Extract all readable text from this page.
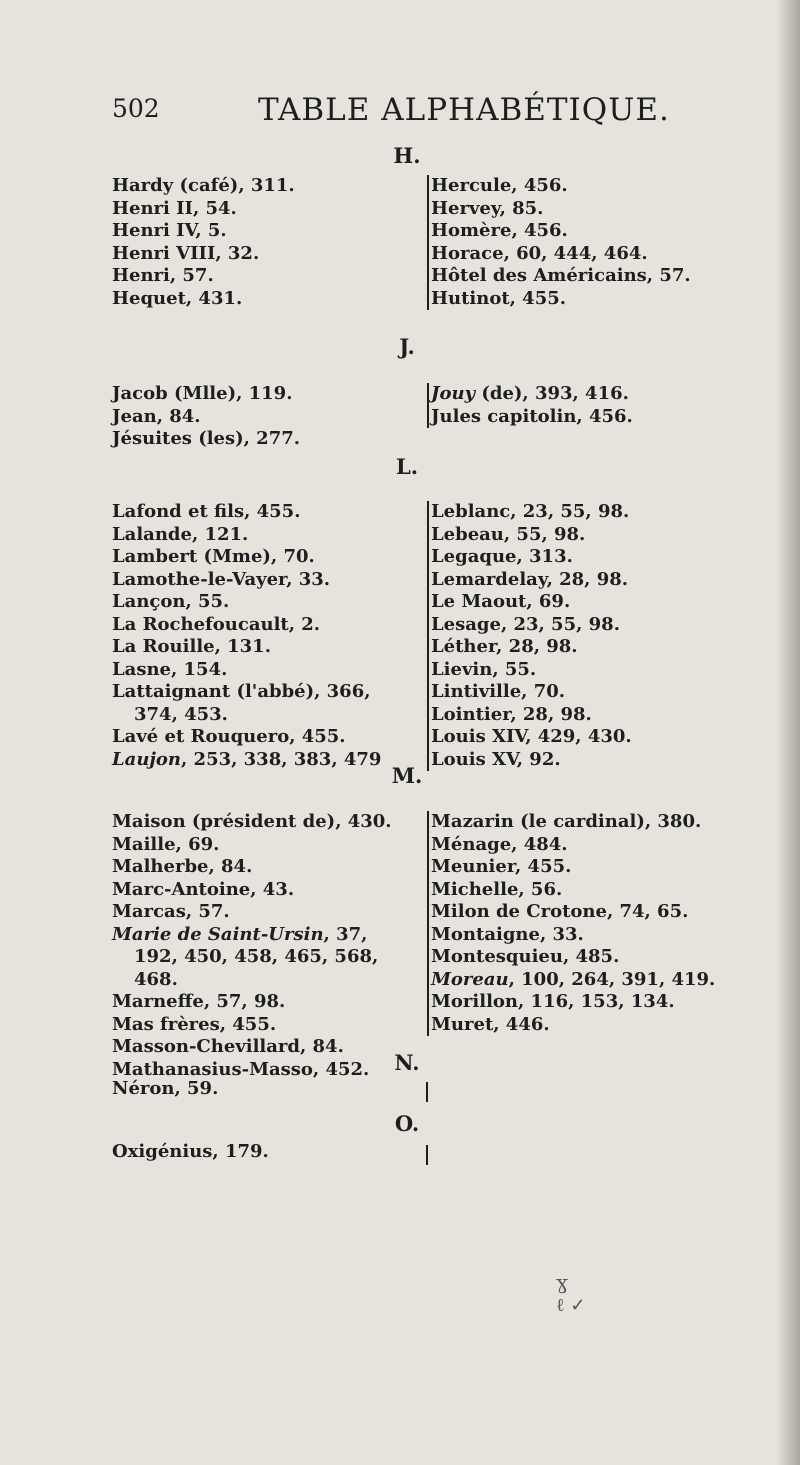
502	TABLE ALPHABÉTIQUE.
H.
Hardy (café), 311.
Henri II, 54.
Henri IV, 5.
Henri VIII, 32.
Henri, 57.
Hequet, 431.
Hercule, 456.
Hervey, 85.
Homère, 456.
Horace, 60, 444, 464.
Hôtel des Américains, 57.
Hutinot, 455.
J.
Jacob (Mlle), 119.
Jean, 84.
Jésuites (les), 277.
Jouy (de), 393, 416.
Jules capitolin, 456.
L.
Lafond et fils, 455.
Lalande, 121.
Lambert (Mme), 70.
Lamothe-le-Vayer, 33.
Lançon, 55.
La Rochefoucault, 2.
La Rouille, 131.
Lasne, 154.
Lattaignant (l'abbé), 366, 374, 453.
Lavé et Rouquero, 455.
Laujon, 253, 338, 383, 479
Leblanc, 23, 55, 98.
Lebeau, 55, 98.
Legaque, 313.
Lemardelay, 28, 98.
Le Maout, 69.
Lesage, 23, 55, 98.
Léther, 28, 98.
Lievin, 55.
Lintiville, 70.
Lointier, 28, 98.
Louis XIV, 429, 430.
Louis XV, 92.
M.
Maison (président de), 430.
Maille, 69.
Malherbe, 84.
Marc-Antoine, 43.
Marcas, 57.
Marie de Saint-Ursin, 37, 192, 450, 458, 465, 568, 468.
Marneffe, 57, 98.
Mas frères, 455.
Masson-Chevillard, 84.
Mathanasius-Masso, 452.
Mazarin (le cardinal), 380.
Ménage, 484.
Meunier, 455.
Michelle, 56.
Milon de Crotone, 74, 65.
Montaigne, 33.
Montesquieu, 485.
Moreau, 100, 264, 391, 419.
Morillon, 116, 153, 134.
Muret, 446.
N.
Néron, 59.
O.
Oxigénius, 179.
ɣ
ℓ ✓
